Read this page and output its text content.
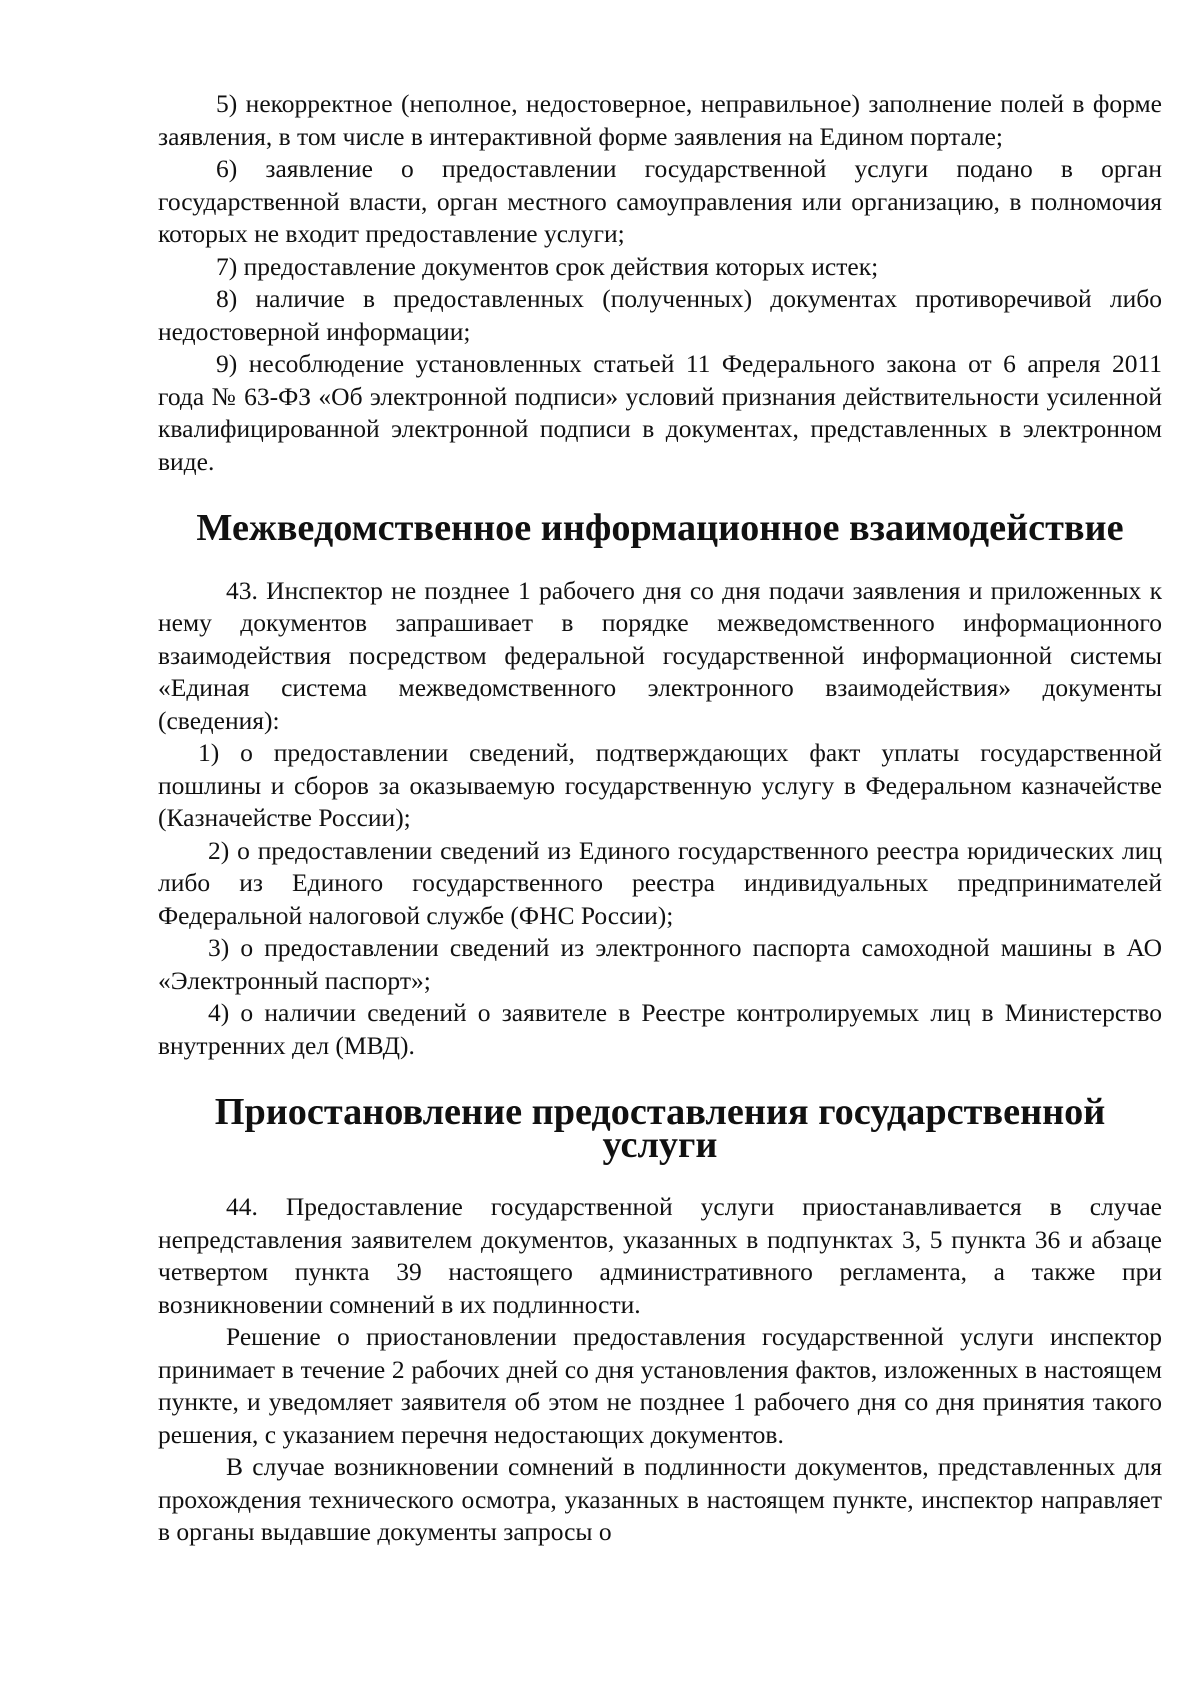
5) некорректное (неполное, недостоверное, неправильное) заполнение полей в форме заявления, в том числе в интерактивной форме заявления на Едином портале;

6) заявление о предоставлении государственной услуги подано в орган государственной власти, орган местного самоуправления или организацию, в полномочия которых не входит предоставление услуги;

7) предоставление документов срок действия которых истек;

8) наличие в предоставленных (полученных) документах противоречивой либо недостоверной информации;

9) несоблюдение установленных статьей 11 Федерального закона от 6 апреля 2011 года № 63-ФЗ «Об электронной подписи» условий признания действительности усиленной квалифицированной электронной подписи в документах, представленных в электронном виде.

Межведомственное информационное взаимодействие

43. Инспектор не позднее 1 рабочего дня со дня подачи заявления и приложенных к нему документов запрашивает в порядке межведомственного информационного взаимодействия посредством федеральной государственной информационной системы «Единая система межведомственного электронного взаимодействия» документы (сведения):

1) о предоставлении сведений, подтверждающих факт уплаты государственной пошлины и сборов за оказываемую государственную услугу в Федеральном казначействе (Казначействе России);

2) о предоставлении сведений из Единого государственного реестра юридических лиц либо из Единого государственного реестра индивидуальных предпринимателей Федеральной налоговой службе (ФНС России);

3) о предоставлении сведений из электронного паспорта самоходной машины в АО «Электронный паспорт»;

4) о наличии сведений о заявителе в Реестре контролируемых лиц в Министерство внутренних дел (МВД).

Приостановление предоставления государственной услуги

44. Предоставление государственной услуги приостанавливается в случае непредставления заявителем документов, указанных в подпунктах 3, 5 пункта 36 и абзаце четвертом пункта 39 настоящего административного регламента, а также при возникновении сомнений в их подлинности.

Решение о приостановлении предоставления государственной услуги инспектор принимает в течение 2 рабочих дней со дня установления фактов, изложенных в настоящем пункте, и уведомляет заявителя об этом не позднее 1 рабочего дня со дня принятия такого решения, с указанием перечня недостающих документов.

В случае возникновении сомнений в подлинности документов, представленных для прохождения технического осмотра, указанных в настоящем пункте, инспектор направляет в органы выдавшие документы запросы о
